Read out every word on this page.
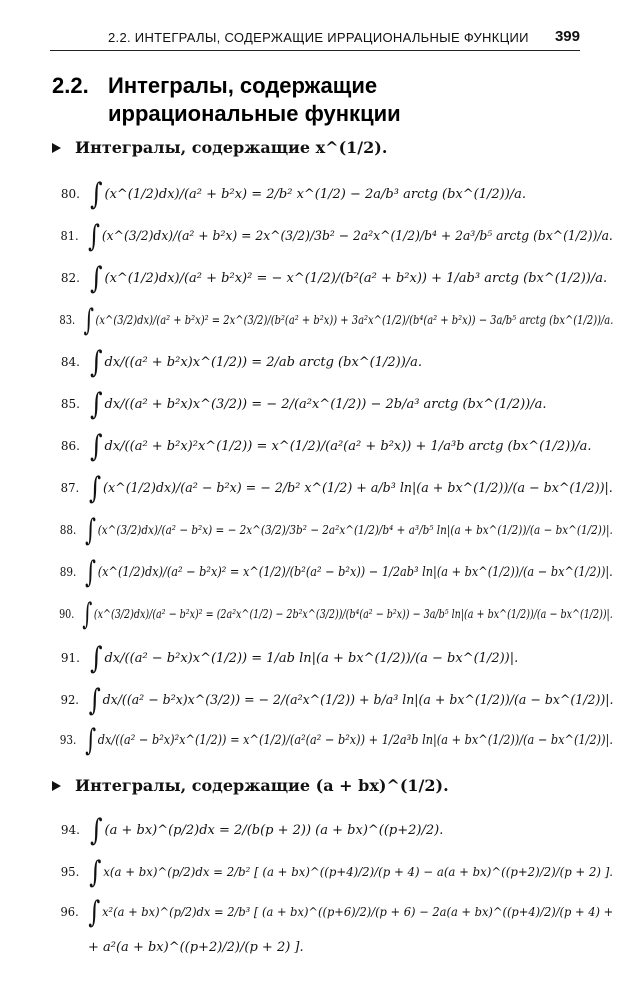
2.2. ИНТЕГРАЛЫ, СОДЕРЖАЩИЕ ИРРАЦИОНАЛЬНЫЕ ФУНКЦИИ 399
2.2. Интегралы, содержащие
иррациональные функции
Интегралы, содержащие x^(1/2).
80. ∫ (x^(1/2)dx)/(a² + b²x) = 2/b² x^(1/2) − 2a/b³ arctg (bx^(1/2))/a.
81. ∫ (x^(3/2)dx)/(a² + b²x) = 2x^(3/2)/3b² − 2a²x^(1/2)/b⁴ + 2a³/b⁵ arctg (bx^(1/2))/a.
82. ∫ (x^(1/2)dx)/(a² + b²x)² = − x^(1/2)/(b²(a² + b²x)) + 1/ab³ arctg (bx^(1/2))/a.
83. ∫ (x^(3/2)dx)/(a² + b²x)² = 2x^(3/2)/(b²(a² + b²x)) + 3a²x^(1/2)/(b⁴(a² + b²x)) − 3a/b⁵ arctg (bx^(1/2))/a.
84. ∫ dx/((a² + b²x)x^(1/2)) = 2/ab arctg (bx^(1/2))/a.
85. ∫ dx/((a² + b²x)x^(3/2)) = − 2/(a²x^(1/2)) − 2b/a³ arctg (bx^(1/2))/a.
86. ∫ dx/((a² + b²x)²x^(1/2)) = x^(1/2)/(a²(a² + b²x)) + 1/a³b arctg (bx^(1/2))/a.
87. ∫ (x^(1/2)dx)/(a² − b²x) = − 2/b² x^(1/2) + a/b³ ln|(a + bx^(1/2))/(a − bx^(1/2))|.
88. ∫ (x^(3/2)dx)/(a² − b²x) = − 2x^(3/2)/3b² − 2a²x^(1/2)/b⁴ + a³/b⁵ ln|(a + bx^(1/2))/(a − bx^(1/2))|.
89. ∫ (x^(1/2)dx)/(a² − b²x)² = x^(1/2)/(b²(a² − b²x)) − 1/2ab³ ln|(a + bx^(1/2))/(a − bx^(1/2))|.
90. ∫ (x^(3/2)dx)/(a² − b²x)² = (2a²x^(1/2) − 2b²x^(3/2))/(b⁴(a² − b²x)) − 3a/b⁵ ln|(a + bx^(1/2))/(a − bx^(1/2))|.
91. ∫ dx/((a² − b²x)x^(1/2)) = 1/ab ln|(a + bx^(1/2))/(a − bx^(1/2))|.
92. ∫ dx/((a² − b²x)x^(3/2)) = − 2/(a²x^(1/2)) + b/a³ ln|(a + bx^(1/2))/(a − bx^(1/2))|.
93. ∫ dx/((a² − b²x)²x^(1/2)) = x^(1/2)/(a²(a² − b²x)) + 1/2a³b ln|(a + bx^(1/2))/(a − bx^(1/2))|.
Интегралы, содержащие (a + bx)^(1/2).
94. ∫ (a + bx)^(p/2)dx = 2/(b(p + 2)) (a + bx)^((p+2)/2).
95. ∫ x(a + bx)^(p/2)dx = 2/b² [ (a + bx)^((p+4)/2)/(p + 4) − a(a + bx)^((p+2)/2)/(p + 2) ].
96. ∫ x²(a + bx)^(p/2)dx = 2/b³ [ (a + bx)^((p+6)/2)/(p + 6) − 2a(a + bx)^((p+4)/2)/(p + 4) +
+ a²(a + bx)^((p+2)/2)/(p + 2) ].
